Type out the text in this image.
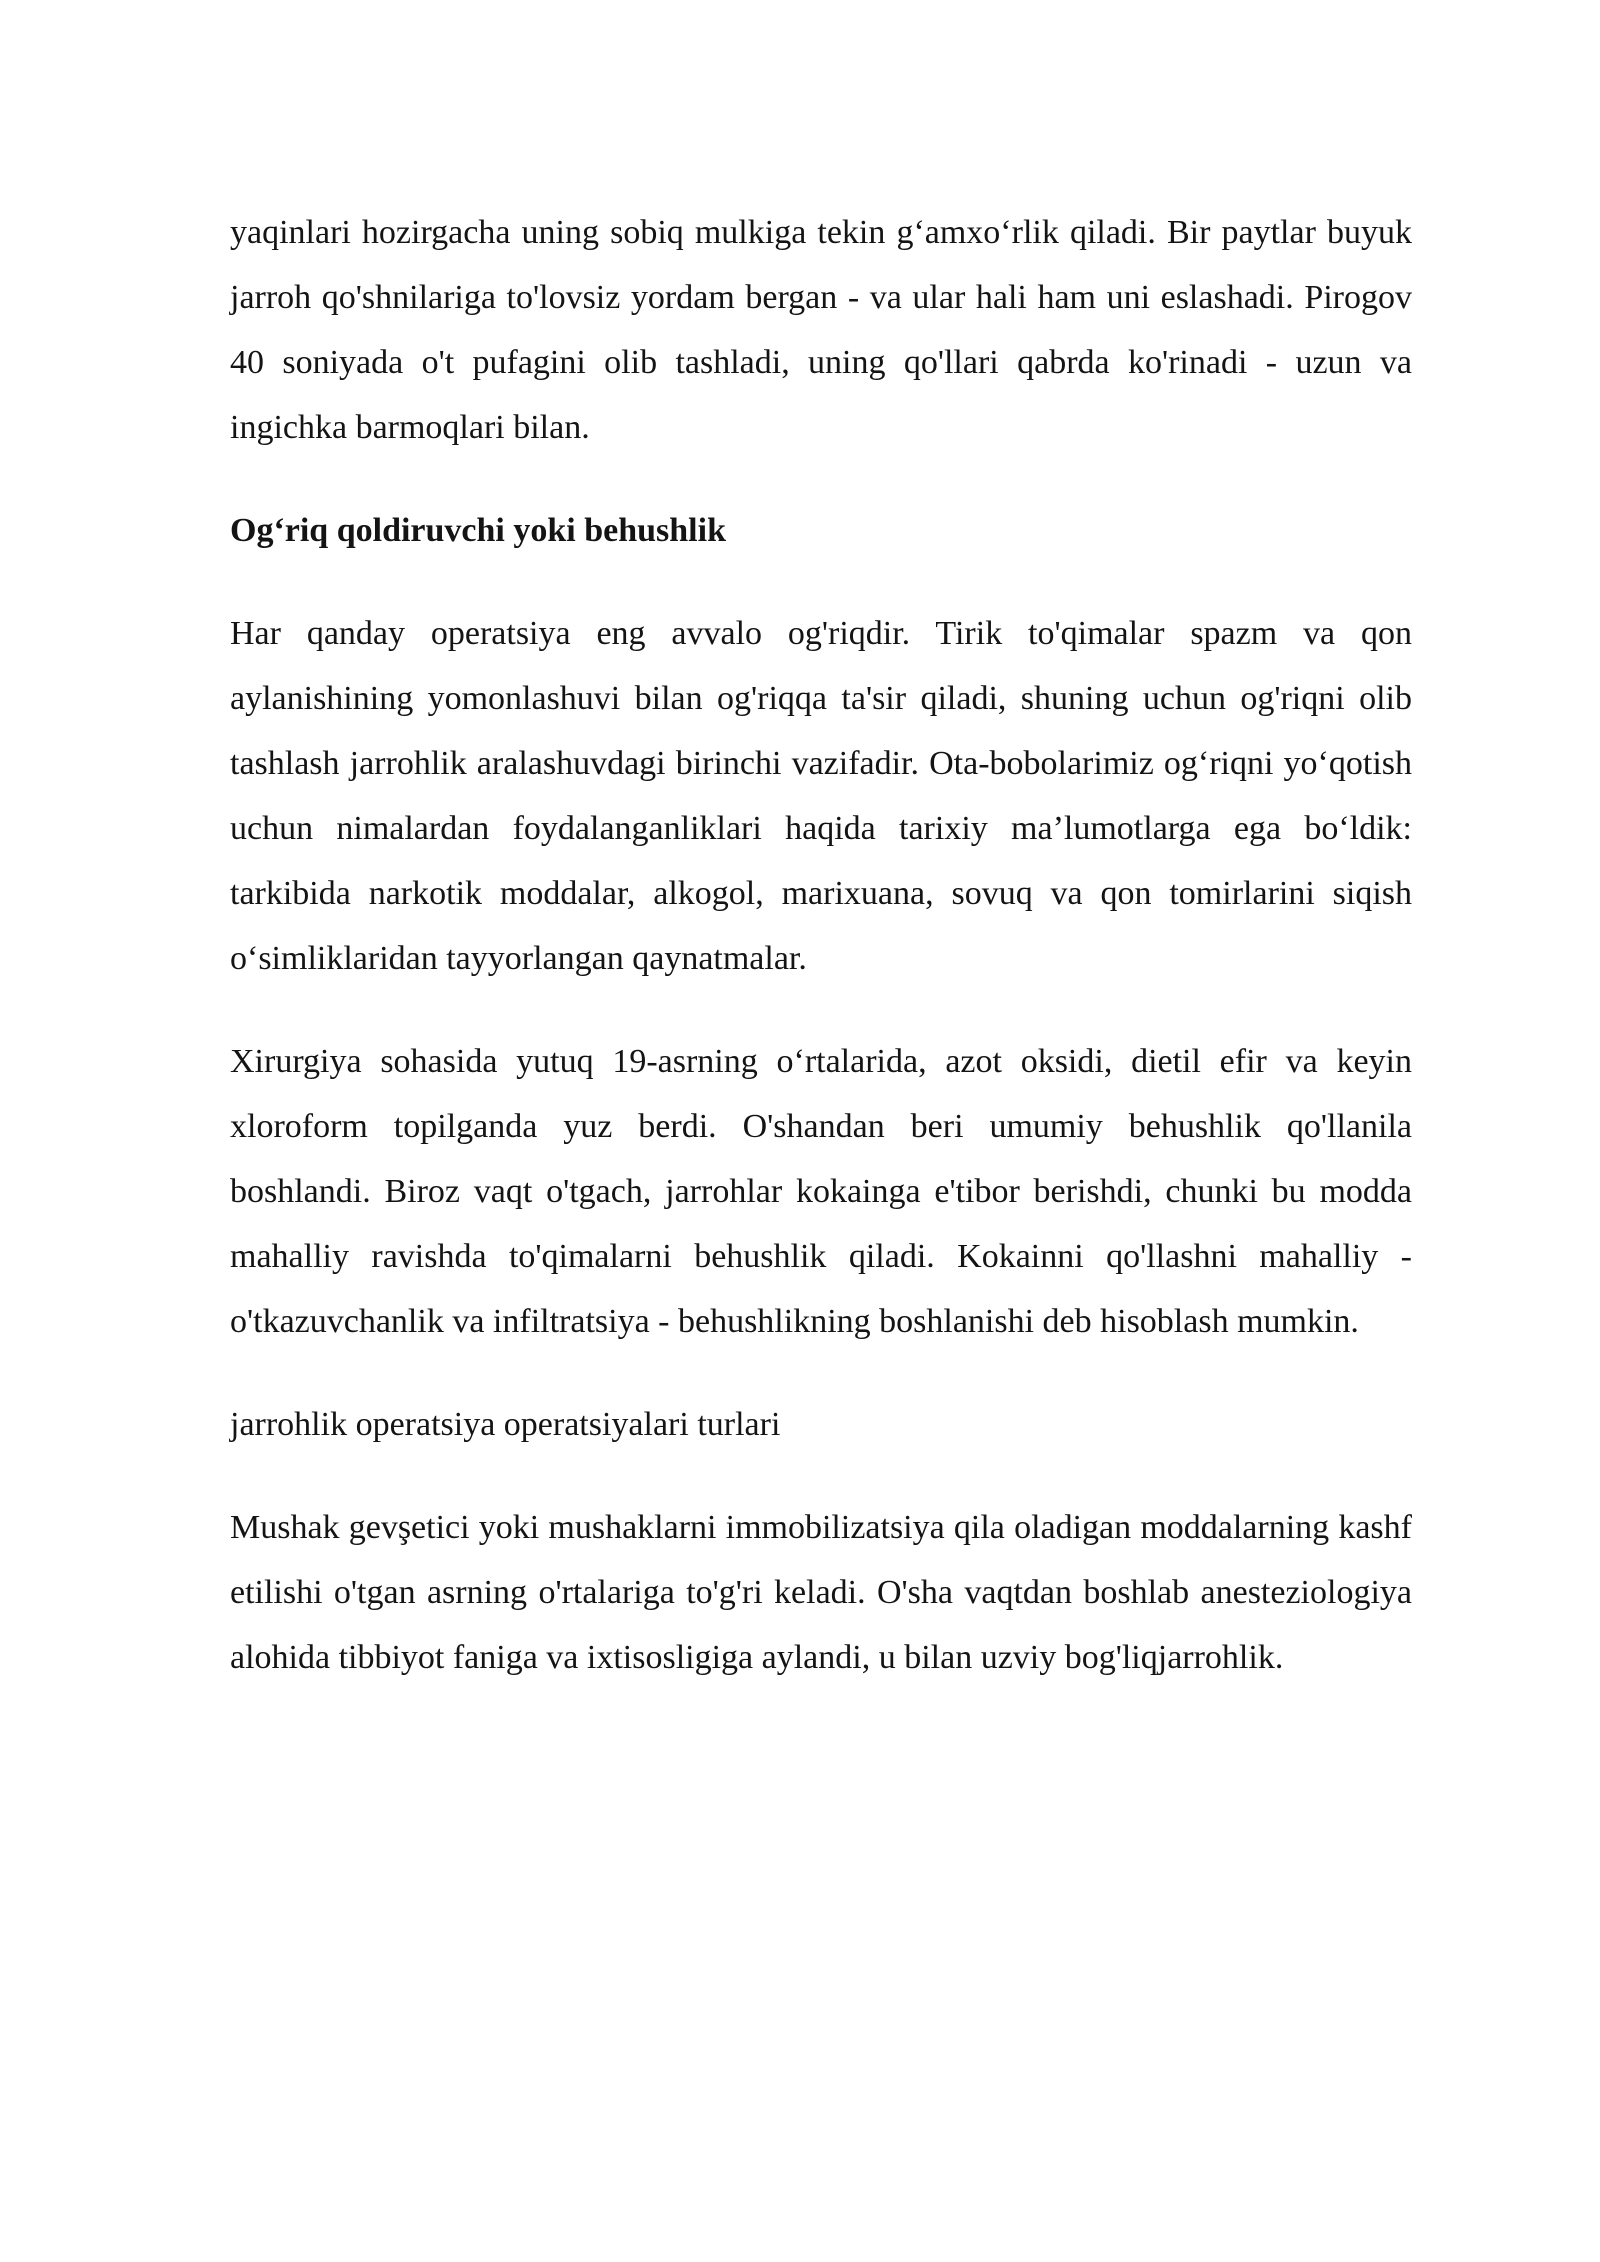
yaqinlari hozirgacha uning sobiq mulkiga tekin g‘amxo‘rlik qiladi. Bir paytlar buyuk jarroh qo'shnilariga to'lovsiz yordam bergan - va ular hali ham uni eslashadi. Pirogov 40 soniyada o't pufagini olib tashladi, uning qo'llari qabrda ko'rinadi - uzun va ingichka barmoqlari bilan.

Og‘riq qoldiruvchi yoki behushlik

Har qanday operatsiya eng avvalo og'riqdir. Tirik to'qimalar spazm va qon aylanishining yomonlashuvi bilan og'riqqa ta'sir qiladi, shuning uchun og'riqni olib tashlash jarrohlik aralashuvdagi birinchi vazifadir. Ota-bobolarimiz og‘riqni yo‘qotish uchun nimalardan foydalanganliklari haqida tarixiy ma’lumotlarga ega bo‘ldik: tarkibida narkotik moddalar, alkogol, marixuana, sovuq va qon tomirlarini siqish o‘simliklaridan tayyorlangan qaynatmalar.

Xirurgiya sohasida yutuq 19-asrning o‘rtalarida, azot oksidi, dietil efir va keyin xloroform topilganda yuz berdi. O'shandan beri umumiy behushlik qo'llanila boshlandi. Biroz vaqt o'tgach, jarrohlar kokainga e'tibor berishdi, chunki bu modda mahalliy ravishda to'qimalarni behushlik qiladi. Kokainni qo'llashni mahalliy - o'tkazuvchanlik va infiltratsiya - behushlikning boshlanishi deb hisoblash mumkin.

jarrohlik operatsiya operatsiyalari turlari

Mushak gevşetici yoki mushaklarni immobilizatsiya qila oladigan moddalarning kashf etilishi o'tgan asrning o'rtalariga to'g'ri keladi. O'sha vaqtdan boshlab anesteziologiya alohida tibbiyot faniga va ixtisosligiga aylandi, u bilan uzviy bog'liqjarrohlik.
